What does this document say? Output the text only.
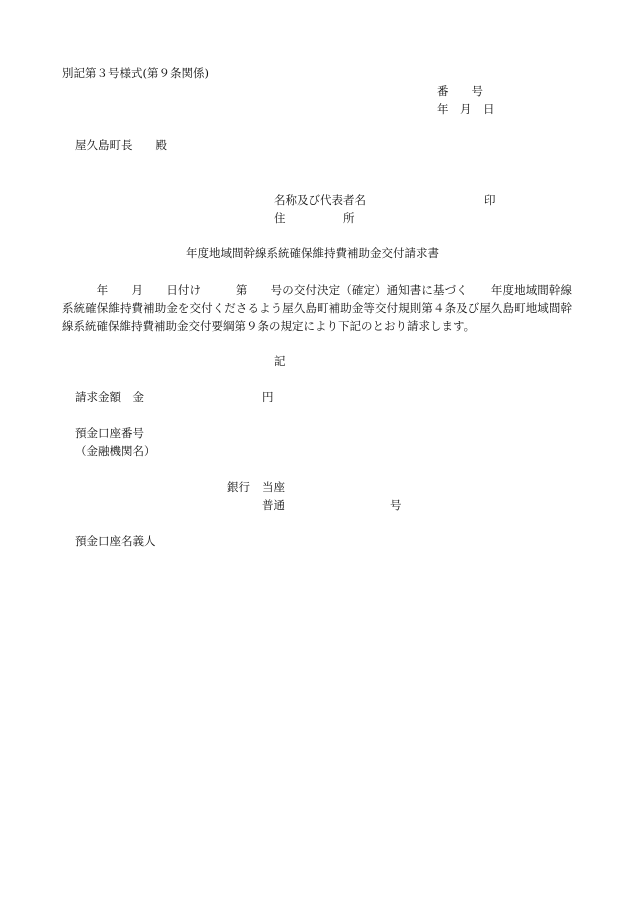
別記第３号様式(第９条関係)
番　　号
年　月　日
屋久島町長　　殿
名称及び代表者名	印
住　　　　　所
年度地域間幹線系統確保維持費補助金交付請求書
　　　年　　月　　日付け　　　第　　号の交付決定（確定）通知書に基づく　　年度地域間幹線系統確保維持費補助金を交付くださるよう屋久島町補助金等交付規則第４条及び屋久島町地域間幹線系統確保維持費補助金交付要綱第９条の規定により下記のとおり請求します。
記
請求金額　金	円
預金口座番号
（金融機関名）
銀行 当座
普通	号
預金口座名義人
